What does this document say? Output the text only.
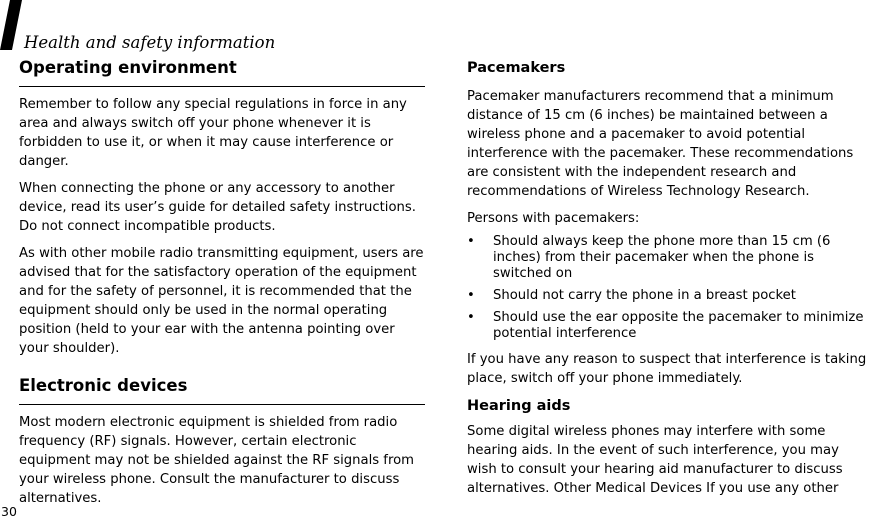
Health and safety information
Operating environment

Remember to follow any special regulations in force in any area and always switch off your phone whenever it is forbidden to use it, or when it may cause interference or danger.

When connecting the phone or any accessory to another device, read its user’s guide for detailed safety instructions. Do not connect incompatible products.

As with other mobile radio transmitting equipment, users are advised that for the satisfactory operation of the equipment and for the safety of personnel, it is recommended that the equipment should only be used in the normal operating position (held to your ear with the antenna pointing over your shoulder).

Electronic devices

Most modern electronic equipment is shielded from radio frequency (RF) signals. However, certain electronic equipment may not be shielded against the RF signals from your wireless phone. Consult the manufacturer to discuss alternatives.

Pacemakers

Pacemaker manufacturers recommend that a minimum distance of 15 cm (6 inches) be maintained between a wireless phone and a pacemaker to avoid potential interference with the pacemaker. These recommendations are consistent with the independent research and recommendations of Wireless Technology Research.

Persons with pacemakers:

• Should always keep the phone more than 15 cm (6 inches) from their pacemaker when the phone is switched on
• Should not carry the phone in a breast pocket
• Should use the ear opposite the pacemaker to minimize potential interference

If you have any reason to suspect that interference is taking place, switch off your phone immediately.

Hearing aids

Some digital wireless phones may interfere with some hearing aids. In the event of such interference, you may wish to consult your hearing aid manufacturer to discuss alternatives. Other Medical Devices If you use any other

30
